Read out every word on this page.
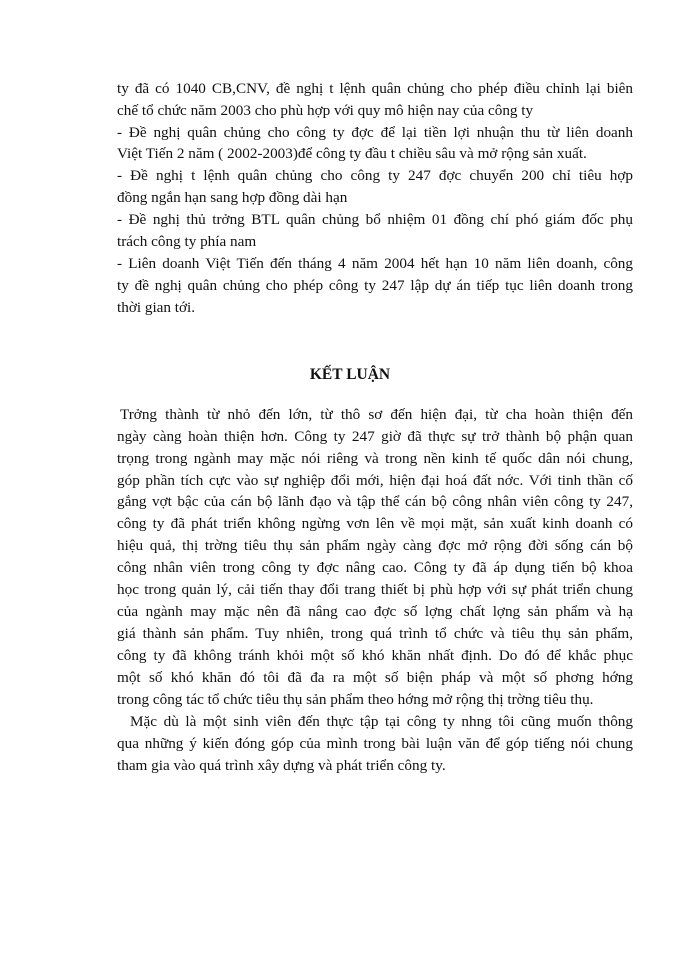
ty đã có 1040 CB,CNV, đề nghị t lệnh quân chủng cho phép điều chỉnh lại biên
chế tổ chức năm 2003 cho phù hợp với quy mô hiện nay của công ty
- Đề nghị quân chủng cho công ty đợc để lại tiền lợi nhuận thu từ liên doanh
Việt Tiến 2 năm ( 2002-2003)để công ty đầu t chiều sâu và mở rộng sản xuất.
- Đề nghị t lệnh quân chủng cho công ty 247 đợc chuyển 200 chỉ tiêu hợp
đồng ngắn hạn sang hợp đồng dài hạn
- Đề nghị thủ trởng BTL quân chủng bổ nhiệm 01 đồng chí phó giám đốc phụ
trách công ty phía nam
- Liên doanh Việt Tiến đến tháng 4 năm 2004 hết hạn 10 năm liên doanh, công
ty đề nghị quân chủng cho phép công ty 247 lập dự án tiếp tục liên doanh trong
thời gian tới.
KẾT LUẬN
Trởng thành từ nhỏ đến lớn, từ thô sơ đến hiện đại, từ cha hoàn thiện đến
ngày càng hoàn thiện hơn. Công ty 247 giờ đã thực sự trở thành bộ phận quan
trọng trong ngành may mặc nói riêng và trong nền kinh tế quốc dân nói chung,
góp phần tích cực vào sự nghiệp đổi mới, hiện đại hoá đất nớc. Với tinh thần cố
gắng vợt bậc của cán bộ lãnh đạo và tập thể cán bộ công nhân viên công ty 247,
công ty đã phát triển không ngừng vơn lên về mọi mặt, sản xuất kinh doanh có
hiệu quả, thị trờng tiêu thụ sản phẩm ngày càng đợc mở rộng đời sống cán bộ
công nhân viên trong công ty đợc nâng cao. Công ty đã áp dụng tiến bộ khoa
học trong quản lý, cải tiến thay đổi trang thiết bị phù hợp với sự phát triển chung
của ngành may mặc nên đã nâng cao đợc số lợng chất lợng sản phẩm và hạ
giá thành sản phẩm. Tuy nhiên, trong quá trình tổ chức và tiêu thụ sản phẩm,
công ty đã không tránh khỏi một số khó khăn nhất định. Do đó để khắc phục
một số khó khăn đó tôi đã đa ra một số biện pháp và một số phơng hớng
trong công tác tổ chức tiêu thụ sản phẩm theo hớng mở rộng thị trờng tiêu thụ.
Mặc dù là một sinh viên đến thực tập tại công ty nhng tôi cũng muốn thông
qua những ý kiến đóng góp của mình trong bài luận văn để góp tiếng nói chung
tham gia vào quá trình xây dựng và phát triển công ty.
